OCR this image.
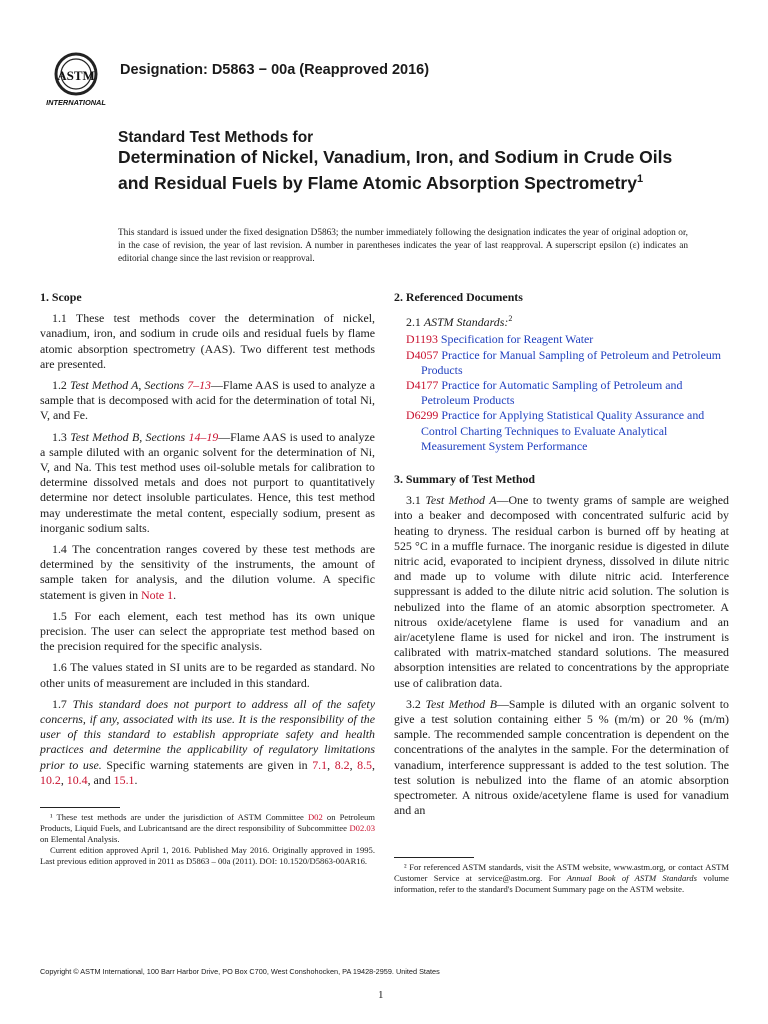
ASTM
INTERNATIONAL
Designation: D5863 − 00a (Reapproved 2016)
Standard Test Methods for
Determination of Nickel, Vanadium, Iron, and Sodium in Crude Oils and Residual Fuels by Flame Atomic Absorption Spectrometry$^1$
This standard is issued under the fixed designation D5863; the number immediately following the designation indicates the year of original adoption or, in the case of revision, the year of last revision. A number in parentheses indicates the year of last reapproval. A superscript epsilon (ε) indicates an editorial change since the last revision or reapproval.
1. Scope

1.1 These test methods cover the determination of nickel, vanadium, iron, and sodium in crude oils and residual fuels by flame atomic absorption spectrometry (AAS). Two different test methods are presented.

1.2 Test Method A, Sections 7–13—Flame AAS is used to analyze a sample that is decomposed with acid for the determination of total Ni, V, and Fe.

1.3 Test Method B, Sections 14–19—Flame AAS is used to analyze a sample diluted with an organic solvent for the determination of Ni, V, and Na. This test method uses oil-soluble metals for calibration to determine dissolved metals and does not purport to quantitatively determine nor detect insoluble particulates. Hence, this test method may underestimate the metal content, especially sodium, present as inorganic sodium salts.

1.4 The concentration ranges covered by these test methods are determined by the sensitivity of the instruments, the amount of sample taken for analysis, and the dilution volume. A specific statement is given in Note 1.

1.5 For each element, each test method has its own unique precision. The user can select the appropriate test method based on the precision required for the specific analysis.

1.6 The values stated in SI units are to be regarded as standard. No other units of measurement are included in this standard.

1.7 This standard does not purport to address all of the safety concerns, if any, associated with its use. It is the responsibility of the user of this standard to establish appropriate safety and health practices and determine the applicability of regulatory limitations prior to use. Specific warning statements are given in 7.1, 8.2, 8.5, 10.2, 10.4, and 15.1.

2. Referenced Documents

2.1 ASTM Standards:$^2$

D1193 Specification for Reagent Water
D4057 Practice for Manual Sampling of Petroleum and Petroleum Products
D4177 Practice for Automatic Sampling of Petroleum and Petroleum Products
D6299 Practice for Applying Statistical Quality Assurance and Control Charting Techniques to Evaluate Analytical Measurement System Performance
3. Summary of Test Method

3.1 Test Method A—One to twenty grams of sample are weighed into a beaker and decomposed with concentrated sulfuric acid by heating to dryness. The residual carbon is burned off by heating at 525 °C in a muffle furnace. The inorganic residue is digested in dilute nitric acid, evaporated to incipient dryness, dissolved in dilute nitric and made up to volume with dilute nitric acid. Interference suppressant is added to the dilute nitric acid solution. The solution is nebulized into the flame of an atomic absorption spectrometer. A nitrous oxide/acetylene flame is used for vanadium and an air/acetylene flame is used for nickel and iron. The instrument is calibrated with matrix-matched standard solutions. The measured absorption intensities are related to concentrations by the appropriate use of calibration data.

3.2 Test Method B—Sample is diluted with an organic solvent to give a test solution containing either 5 % (m/m) or 20 % (m/m) sample. The recommended sample concentration is dependent on the concentrations of the analytes in the sample. For the determination of vanadium, interference suppressant is added to the test solution. The test solution is nebulized into the flame of an atomic absorption spectrometer. A nitrous oxide/acetylene flame is used for vanadium and an

¹ These test methods are under the jurisdiction of ASTM Committee D02 on Petroleum Products, Liquid Fuels, and Lubricantsand are the direct responsibility of Subcommittee D02.03 on Elemental Analysis.
Current edition approved April 1, 2016. Published May 2016. Originally approved in 1995. Last previous edition approved in 2011 as D5863 – 00a (2011). DOI: 10.1520/D5863-00AR16.
² For referenced ASTM standards, visit the ASTM website, www.astm.org, or contact ASTM Customer Service at service@astm.org. For Annual Book of ASTM Standards volume information, refer to the standard's Document Summary page on the ASTM website.
Copyright © ASTM International, 100 Barr Harbor Drive, PO Box C700, West Conshohocken, PA 19428-2959. United States
1
